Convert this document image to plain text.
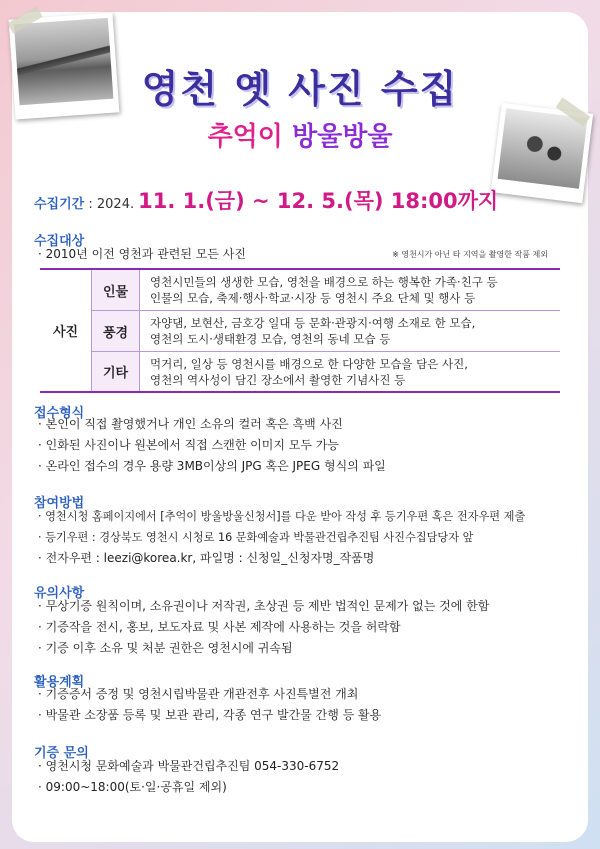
영천 옛 사진 수집
추억이 방울방울
수집기간 : 2024. 11. 1.(금) ~ 12. 5.(목) 18:00까지
수집대상
· 2010년 이전 영천과 관련된 모든 사진	※ 영천시가 아닌 타 지역을 촬영한 작품 제외
사진
인물
영천시민들의 생생한 모습, 영천을 배경으로 하는 행복한 가족·친구 등
인물의 모습, 축제·행사·학교·시장 등 영천시 주요 단체 및 행사 등
풍경
자양댐, 보현산, 금호강 일대 등 문화·관광지·여행 소재로 한 모습,
영천의 도시·생태환경 모습, 영천의 동네 모습 등
기타
먹거리, 일상 등 영천시를 배경으로 한 다양한 모습을 담은 사진,
영천의 역사성이 담긴 장소에서 촬영한 기념사진 등
접수형식
· 본인이 직접 촬영했거나 개인 소유의 컬러 혹은 흑백 사진
· 인화된 사진이나 원본에서 직접 스캔한 이미지 모두 가능
· 온라인 접수의 경우 용량 3MB이상의 JPG 혹은 JPEG 형식의 파일
참여방법
· 영천시청 홈페이지에서 [추억이 방울방울신청서]를 다운 받아 작성 후 등기우편 혹은 전자우편 제출
· 등기우편 : 경상북도 영천시 시청로 16 문화예술과 박물관건립추진팀 사진수집담당자 앞
· 전자우편 : leezi@korea.kr, 파일명 : 신청일_신청자명_작품명
유의사항
· 무상기증 원칙이며, 소유권이나 저작권, 초상권 등 제반 법적인 문제가 없는 것에 한함
· 기증작을 전시, 홍보, 보도자료 및 사본 제작에 사용하는 것을 허락함
· 기증 이후 소유 및 처분 권한은 영천시에 귀속됨
활용계획
· 기증증서 증정 및 영천시립박물관 개관전후 사진특별전 개최
· 박물관 소장품 등록 및 보관 관리, 각종 연구 발간물 간행 등 활용
기증 문의
· 영천시청 문화예술과 박물관건립추진팀 054-330-6752
· 09:00~18:00(토·일·공휴일 제외)
